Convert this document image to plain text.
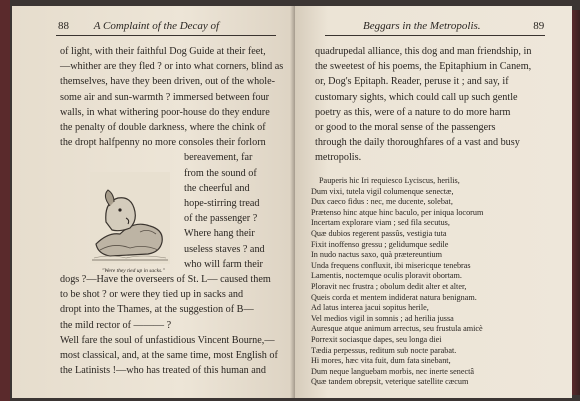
88 A Complaint of the Decay of
of light, with their faithful Dog Guide at their feet,
—whither are they fled ? or into what corners, blind as
themselves, have they been driven, out of the whole-
some air and sun-warmth ? immersed between four
walls, in what withering poor-house do they endure
the penalty of double darkness, where the chink of
the dropt halfpenny no more consoles their forlorn
bereavement, far
from the sound of
the cheerful and
hope-stirring tread
of the passenger ?
Where hang their
useless staves ? and
who will farm their
dogs ?—Have the overseers of St. L— caused them
to be shot ? or were they tied up in sacks and
dropt into the Thames, at the suggestion of B—
the mild rector of ——— ?
Well fare the soul of unfastidious Vincent Bourne,—
most classical, and, at the same time, most English of
the Latinists !—who has treated of this human and
"Were they tied up in sacks."
Beggars in the Metropolis.	89
quadrupedal alliance, this dog and man friendship, in
the sweetest of his poems, the Epitaphium in Canem,
or, Dog's Epitaph. Reader, peruse it ; and say, if
customary sights, which could call up such gentle
poetry as this, were of a nature to do more harm
or good to the moral sense of the passengers
through the daily thoroughfares of a vast and busy
metropolis.
Pauperis hic Iri requiesco Lyciscus, herilis,
Dum vixi, tutela vigil columenque senectæ,
Dux caeco fidus : nec, me ducente, solebat,
Prætenso hinc atque hinc baculo, per iniqua locorum
Incertam explorare viam ; sed fila secutus,
Quæ dubios regerent passûs, vestigia tuta
Fixit inoffenso gressu ; gelidumque sedile
In nudo nactus saxo, quà prætereuntium
Unda frequens confluxit, ibi misericque tenebras
Lamentis, noctemque oculis ploravit obortam.
Ploravit nec frustra ; obolum dedit alter et alter,
Queis corda et mentem indiderat natura benignam.
Ad latus interea jacui sopitus herile,
Vel medios vigil in somnis ; ad herilia jussa
Auresque atque animum arrectus, seu frustula amicè
Porrexit sociasque dapes, seu longa diei
Tædia perpessus, reditum sub nocte parabat.
Hi mores, hæc vita fuit, dum fata sinebant,
Dum neque languebam morbis, nec inerte senectâ
Quæ tandem obrepsit, veterique satellite cæcum
